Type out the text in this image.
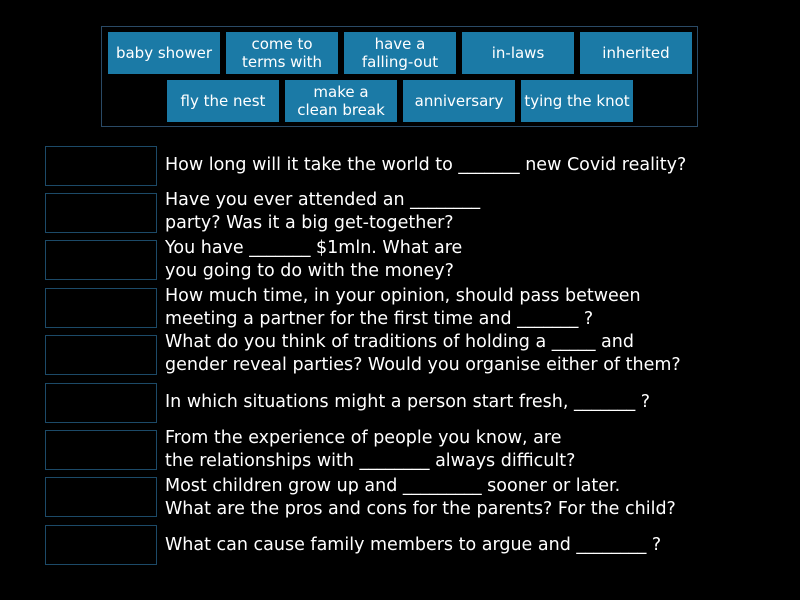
baby shower	come to
terms with
have a
falling-out	in-laws	inherited
fly the nest	make a
clean break anniversary tying the knot
How long will it take the world to _______ new Covid reality?
Have you ever attended an ________
party? Was it a big get-together?
You have _______ $1mln. What are
you going to do with the money?
How much time, in your opinion, should pass between
meeting a partner for the first time and _______ ?
What do you think of traditions of holding a _____ and
gender reveal parties? Would you organise either of them?
In which situations might a person start fresh, _______ ?
From the experience of people you know, are
the relationships with ________ always difficult?
Most children grow up and _________ sooner or later.
What are the pros and cons for the parents? For the child?
What can cause family members to argue and ________ ?
